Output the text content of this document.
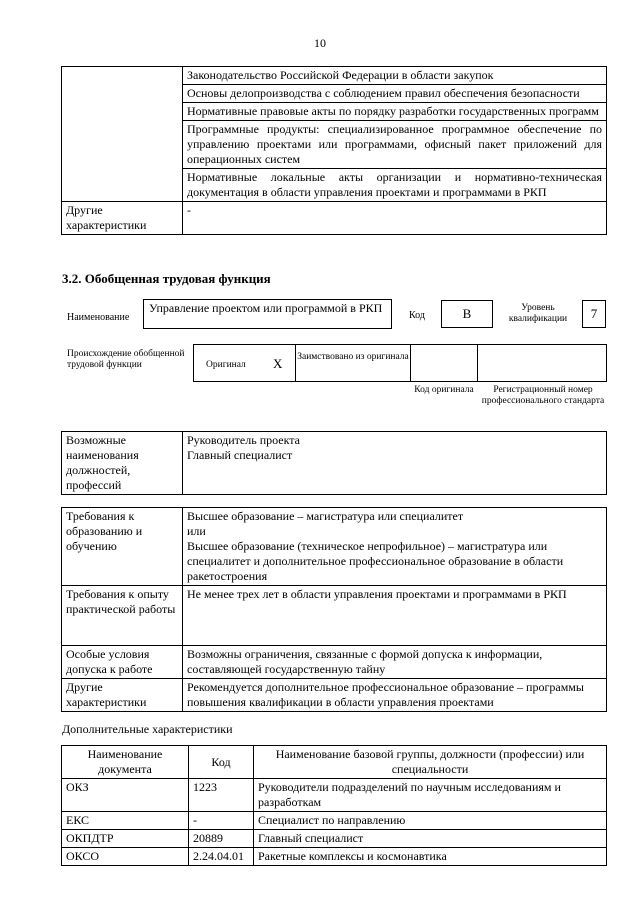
10
	Законодательство Российской Федерации в области закупок
	Основы делопроизводства с соблюдением правил обеспечения безопасности
	Нормативные правовые акты по порядку разработки государственных программ
	Программные продукты: специализированное программное обеспечение по управлению проектами или программами, офисный пакет приложений для операционных систем
	Нормативные локальные акты организации и нормативно-техническая документация в области управления проектами и программами в РКП
Другие характеристики	-
3.2. Обобщенная трудовая функция
Наименование
Управление проектом или программой в РКП
Код	B	Уровень квалификации	7
Происхождение обобщенной трудовой функции	Оригинал X Заимствовано из оригинала
Код оригинала	Регистрационный номер профессионального стандарта
Возможные наименования должностей, профессий	Руководитель проекта
Главный специалист
Требования к образованию и обучению	Высшее образование – магистратура или специалитет
или
Высшее образование (техническое непрофильное) – магистратура или специалитет и дополнительное профессиональное образование в области ракетостроения
Требования к опыту практической работы	Не менее трех лет в области управления проектами и программами в РКП
Особые условия допуска к работе	Возможны ограничения, связанные с формой допуска к информации, составляющей государственную тайну
Другие характеристики	Рекомендуется дополнительное профессиональное образование – программы повышения квалификации в области управления проектами
Дополнительные характеристики
Наименование документа	Код	Наименование базовой группы, должности (профессии) или специальности
ОКЗ	1223	Руководители подразделений по научным исследованиям и разработкам
ЕКС	-	Специалист по направлению
ОКПДТР	20889	Главный специалист
ОКСО	2.24.04.01	Ракетные комплексы и космонавтика
